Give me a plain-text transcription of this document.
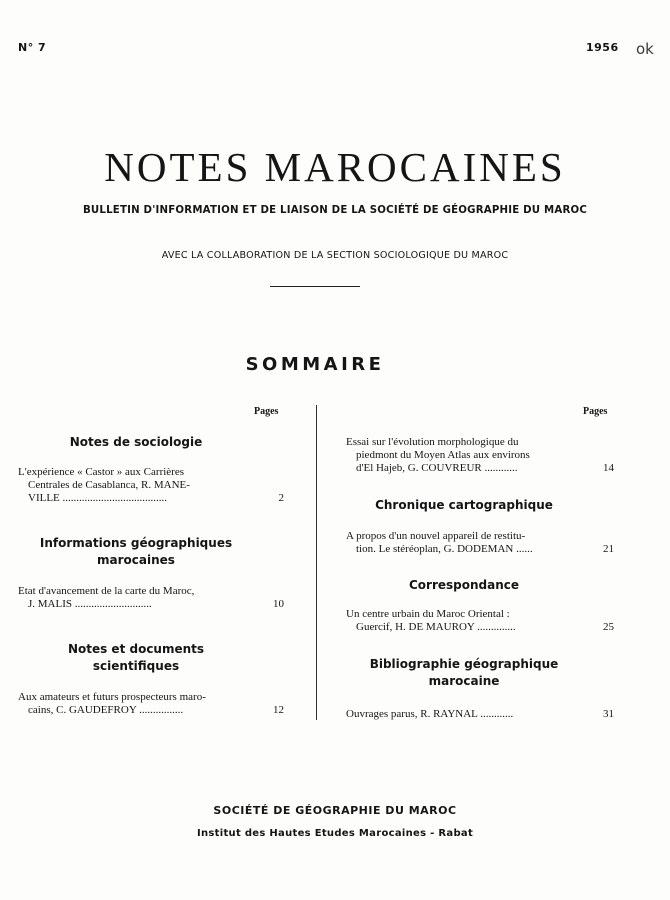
N° 7	1956 ok
NOTES MAROCAINES
BULLETIN D'INFORMATION ET DE LIAISON DE LA SOCIÉTÉ DE GÉOGRAPHIE DU MAROC
AVEC LA COLLABORATION DE LA SECTION SOCIOLOGIQUE DU MAROC
SOMMAIRE
Pages	Pages
Notes de sociologie
L'expérience « Castor » aux Carrières
Centrales de Casablanca, R. MANE-
VILLE ......................................	2
Informations géographiques
marocaines
Etat d'avancement de la carte du Maroc,
J. MALIS ............................	10
Notes et documents
scientifiques
Aux amateurs et futurs prospecteurs maro-
cains, C. GAUDEFROY ................	12
Essai sur l'évolution morphologique du
piedmont du Moyen Atlas aux environs
d'El Hajeb, G. COUVREUR ............	14
Chronique cartographique
A propos d'un nouvel appareil de restitu-
tion. Le stéréoplan, G. DODEMAN ......	21
Correspondance
Un centre urbain du Maroc Oriental :
Guercif, H. DE MAUROY ..............	25
Bibliographie géographique
marocaine
Ouvrages parus, R. RAYNAL ............	31
SOCIÉTÉ DE GÉOGRAPHIE DU MAROC
Institut des Hautes Etudes Marocaines - Rabat
